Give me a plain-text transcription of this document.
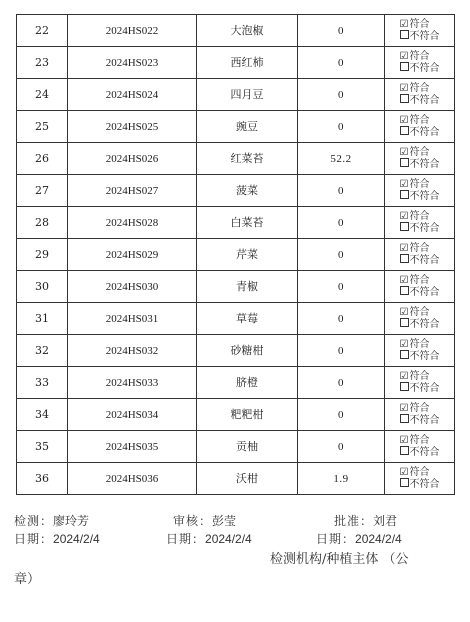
22	2024HS022	大泡椒	0	☑符合
不符合

23	2024HS023	西红柿	0	☑符合
不符合

24	2024HS024	四月豆	0	☑符合
不符合

25	2024HS025	豌豆	0	☑符合
不符合

26	2024HS026	红菜苔	52.2	☑符合
不符合

27	2024HS027	菠菜	0	☑符合
不符合

28	2024HS028	白菜苔	0	☑符合
不符合

29	2024HS029	芹菜	0	☑符合
不符合

30	2024HS030	青椒	0	☑符合
不符合

31	2024HS031	草莓	0	☑符合
不符合

32	2024HS032	砂糖柑	0	☑符合
不符合

33	2024HS033	脐橙	0	☑符合
不符合

34	2024HS034	粑粑柑	0	☑符合
不符合

35	2024HS035	贡柚	0	☑符合
不符合

36	2024HS036	沃柑	1.9	☑符合
不符合
检测：廖玲芳	审核：彭莹	批准：刘君
日期：2024/2/4	日期：2024/2/4	日期：2024/2/4
检测机构/种植主体 （公
章）
